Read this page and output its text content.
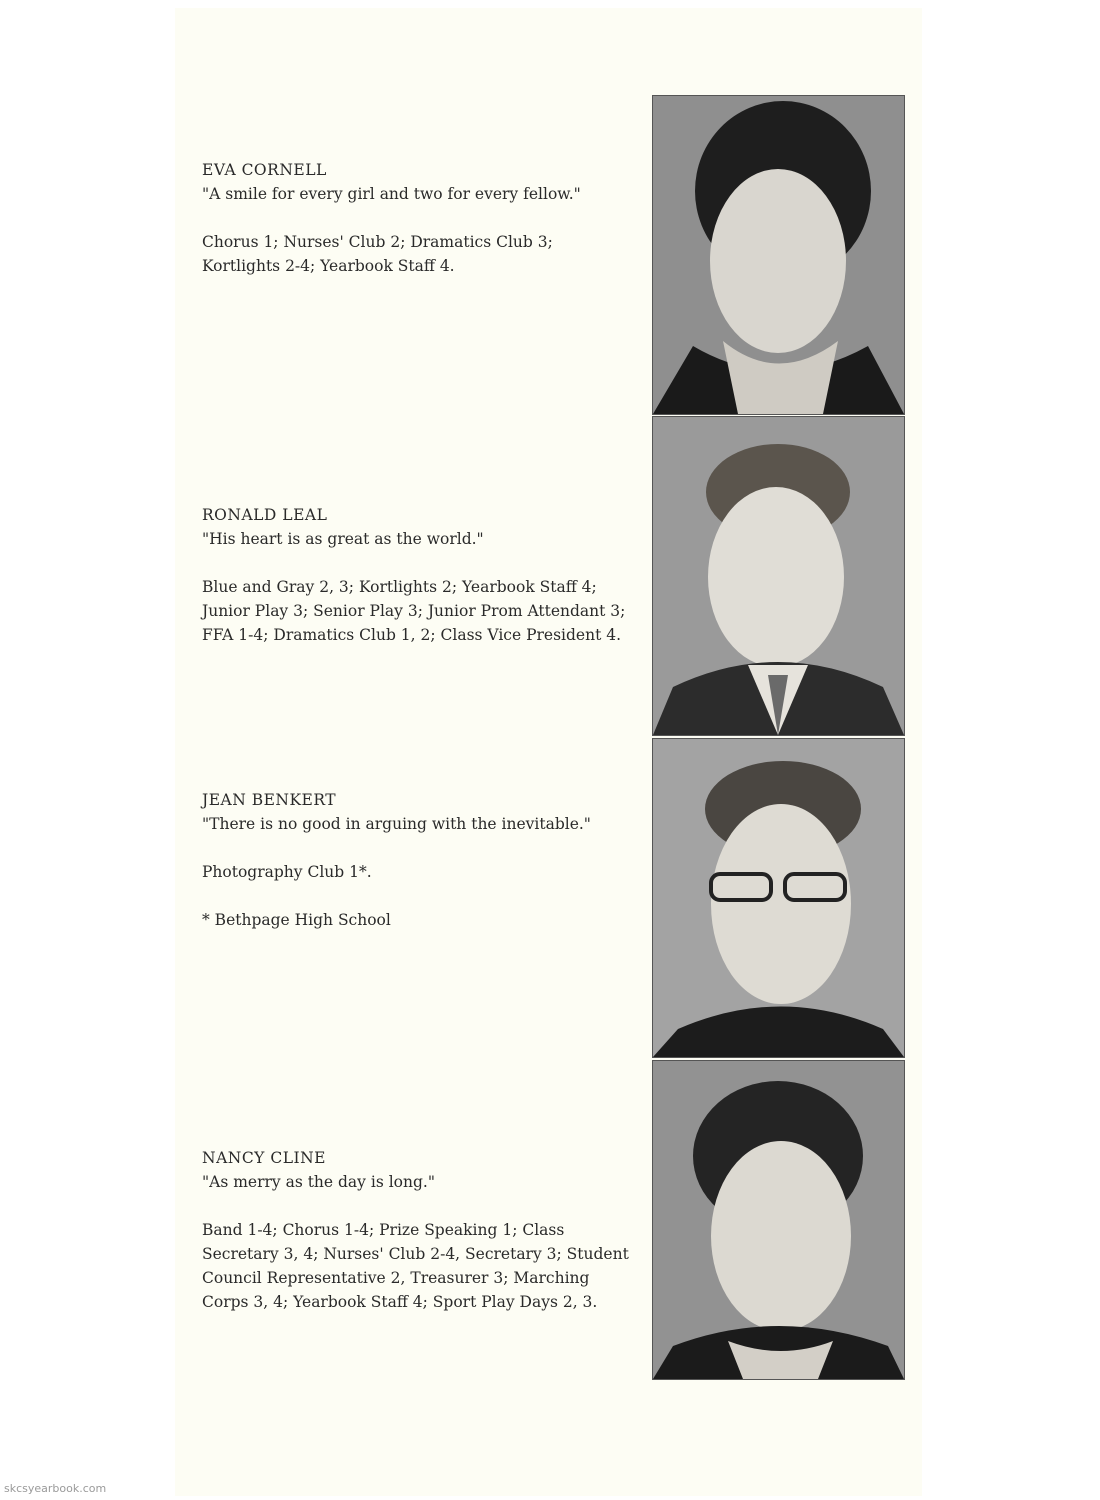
EVA CORNELL
"A smile for every girl and two for every fellow."
Chorus 1; Nurses' Club 2; Dramatics Club 3; Kortlights 2-4; Yearbook Staff 4.
RONALD LEAL
"His heart is as great as the world."
Blue and Gray 2, 3; Kortlights 2; Yearbook Staff 4; Junior Play 3; Senior Play 3; Junior Prom Attendant 3; FFA 1-4; Dramatics Club 1, 2; Class Vice President 4.
JEAN BENKERT
"There is no good in arguing with the inevitable."
Photography Club 1*.
* Bethpage High School
NANCY CLINE
"As merry as the day is long."
Band 1-4; Chorus 1-4; Prize Speaking 1; Class Secretary 3, 4; Nurses' Club 2-4, Secretary 3; Student Council Representative 2, Treasurer 3; Marching Corps 3, 4; Yearbook Staff 4; Sport Play Days 2, 3.
skcsyearbook.com
